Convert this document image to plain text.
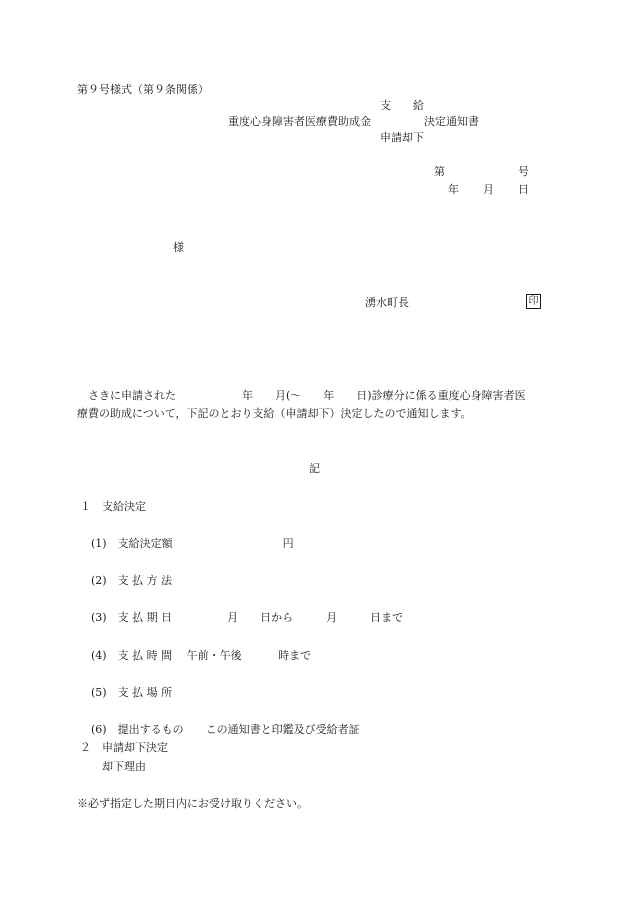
第９号様式（第９条関係）
支　　給
重度心身障害者医療費助成金	決定通知書
申請却下
第	号
年 月 日
様
湧水町長	印
　さきに申請された　　　　　　年　　月(～　　年　　日)診療分に係る重度心身障害者医
療費の助成について，下記のとおり支給（申請却下）決定したので通知します。
記
１　支給決定
(1)　支給決定額　　　　　　　　　　円
(2)　支 払 方 法
(3)　支 払 期 日　　　　　月　　日から　　　月　　　日まで
(4)　支 払 時 間　 午前・午後　　　 時まで
(5)　支 払 場 所
(6)　提出するもの　　この通知書と印鑑及び受給者証
２　申請却下決定
却下理由
※必ず指定した期日内にお受け取りください。
